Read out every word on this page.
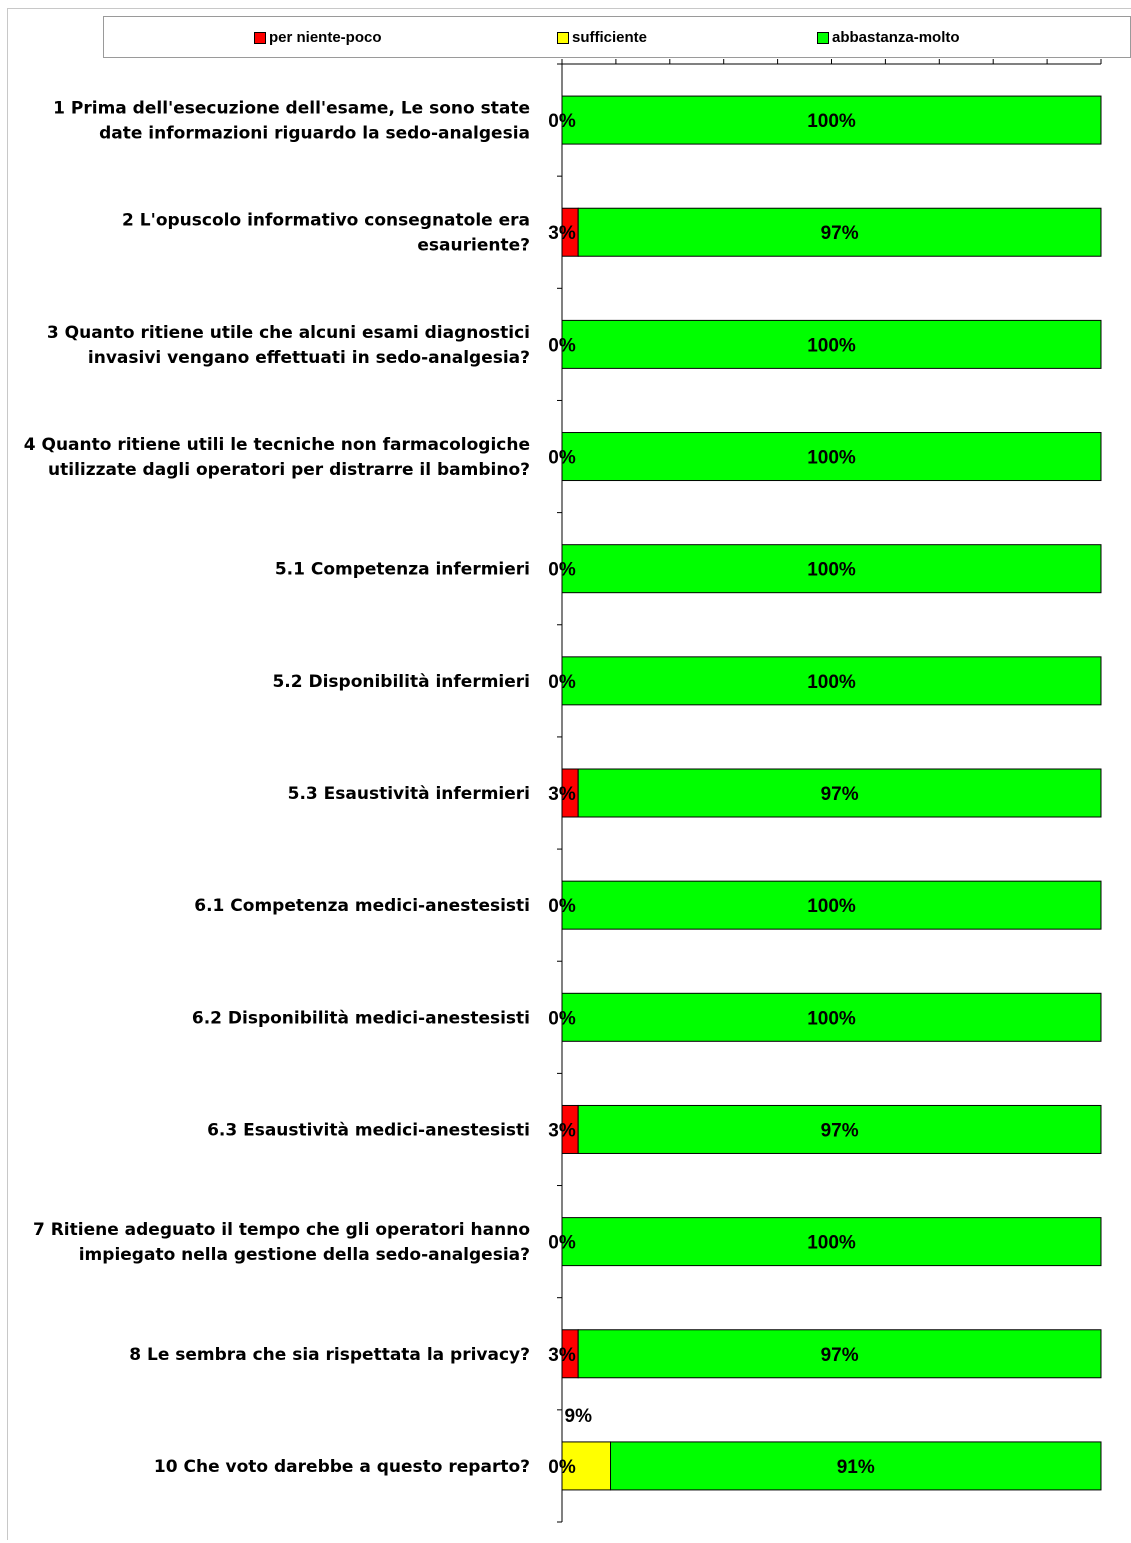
per niente-poco	sufficiente	abbastanza-molto
1 Prima dell'esecuzione dell'esame, Le sono state
date informazioni riguardo la sedo-analgesia
0%	100%
2 L'opuscolo informativo consegnatole era
esauriente?
3%	97%
3 Quanto ritiene utile che alcuni esami diagnostici
invasivi vengano effettuati in sedo-analgesia?
0%	100%
4 Quanto ritiene utili le tecniche non farmacologiche
utilizzate dagli operatori per distrarre il bambino?
0%	100%
5.1 Competenza infermieri 0%	100%
5.2 Disponibilità infermieri 0%	100%
5.3 Esaustività infermieri 3%	97%
6.1 Competenza medici-anestesisti 0%	100%
6.2 Disponibilità medici-anestesisti 0%	100%
6.3 Esaustività medici-anestesisti 3%	97%
7 Ritiene adeguato il tempo che gli operatori hanno
impiegato nella gestione della sedo-analgesia?
0%	100%
8 Le sembra che sia rispettata la privacy? 3%	97%
10 Che voto darebbe a questo reparto? 0%
9%
91%
